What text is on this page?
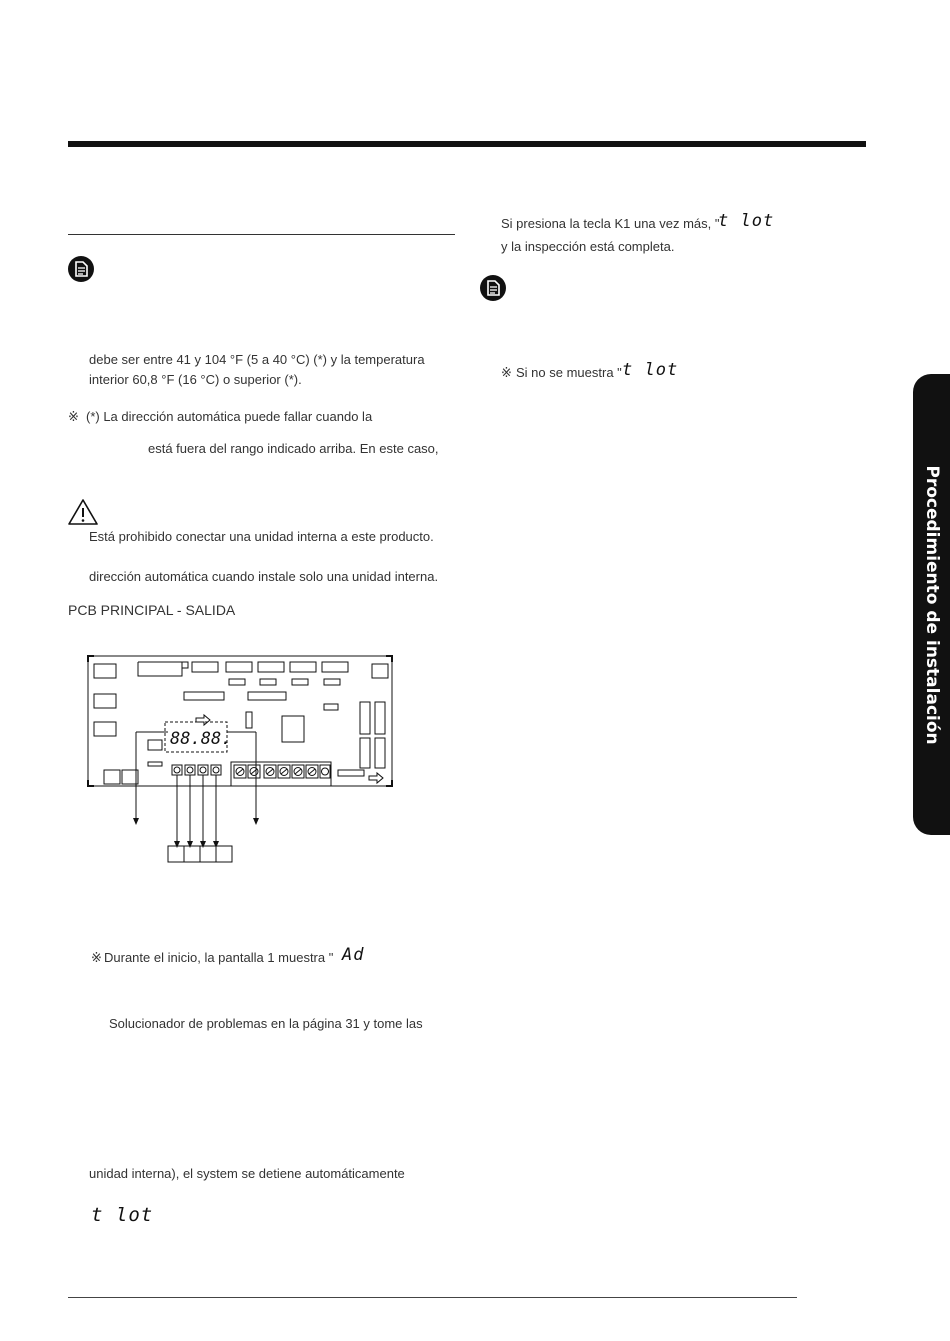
Procedimiento de instalación
debe ser entre 41 y 104 °F (5 a 40 °C) (*) y la temperatura
interior 60,8 °F (16 °C) o superior (*).
※ (*) La dirección automática puede fallar cuando la
está fuera del rango indicado arriba. En este caso,
Está prohibido conectar una unidad interna a este producto.
dirección automática cuando instale solo una unidad interna.
PCB PRINCIPAL - SALIDA
88.88.
※ Durante el inicio, la pantalla 1 muestra " Ad
Solucionador de problemas en la página 31 y tome las
unidad interna), el system se detiene automáticamente
t lot
Si presiona la tecla K1 una vez más, "
t lot
y la inspección está completa.
※ Si no se muestra " t lot
